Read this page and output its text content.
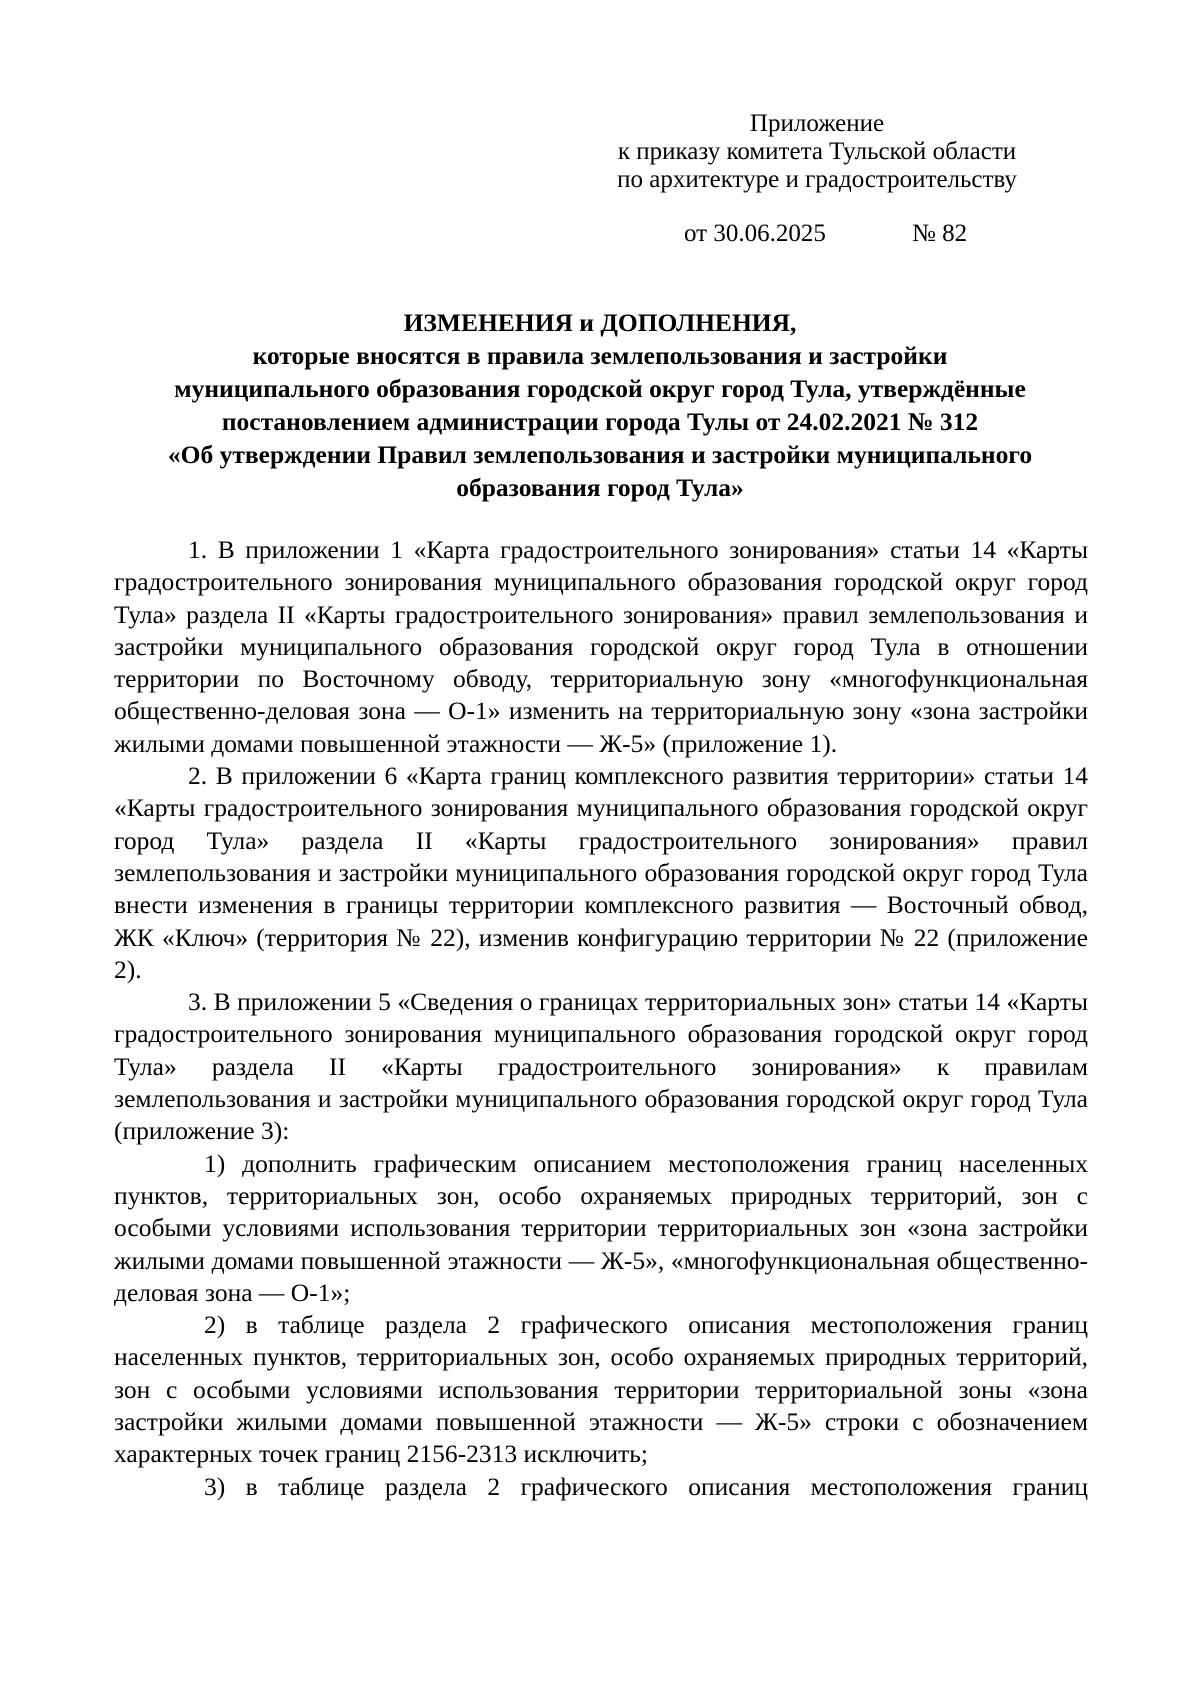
Приложение
к приказу комитета Тульской области
по архитектуре и градостроительству
от 30.06.2025	№ 82
ИЗМЕНЕНИЯ и ДОПОЛНЕНИЯ,
которые вносятся в правила землепользования и застройки
муниципального образования городской округ город Тула, утверждённые
постановлением администрации города Тулы от 24.02.2021 № 312
«Об утверждении Правил землепользования и застройки муниципального
образования город Тула»

1. В приложении 1 «Карта градостроительного зонирования» статьи 14 «Карты градостроительного зонирования муниципального образования городской округ город Тула» раздела II «Карты градостроительного зонирования» правил землепользования и застройки муниципального образования городской округ город Тула в отношении территории по Восточному обводу, территориальную зону «многофункциональная общественно-деловая зона — О-1» изменить на территориальную зону «зона застройки жилыми домами повышенной этажности — Ж-5» (приложение 1).

2. В приложении 6 «Карта границ комплексного развития территории» статьи 14 «Карты градостроительного зонирования муниципального образования городской округ город Тула» раздела II «Карты градостроительного зонирования» правил землепользования и застройки муниципального образования городской округ город Тула внести изменения в границы территории комплексного развития — Восточный обвод, ЖК «Ключ» (территория № 22), изменив конфигурацию территории № 22 (приложение 2).

3. В приложении 5 «Сведения о границах территориальных зон» статьи 14 «Карты градостроительного зонирования муниципального образования городской округ город Тула» раздела II «Карты градостроительного зонирования» к правилам землепользования и застройки муниципального образования городской округ город Тула (приложение 3):

1) дополнить графическим описанием местоположения границ населенных пунктов, территориальных зон, особо охраняемых природных территорий, зон с особыми условиями использования территории территориальных зон «зона застройки жилыми домами повышенной этажности — Ж-5», «многофункциональная общественно-деловая зона — О-1»;

2) в таблице раздела 2 графического описания местоположения границ населенных пунктов, территориальных зон, особо охраняемых природных территорий, зон с особыми условиями использования территории территориальной зоны «зона застройки жилыми домами повышенной этажности — Ж-5» строки с обозначением характерных точек границ 2156-2313 исключить;

3) в таблице раздела 2 графического описания местоположения границ
